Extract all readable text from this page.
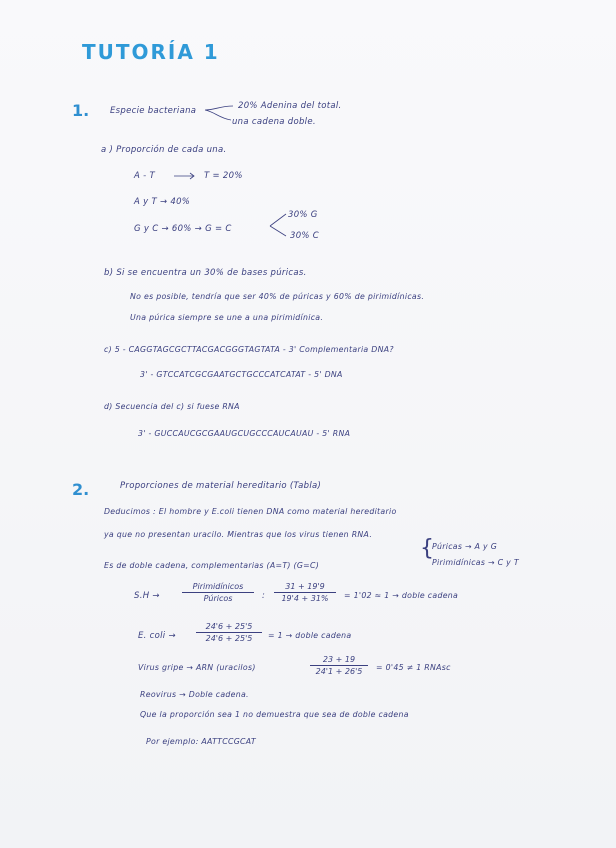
TUTORÍA 1
1. Especie bacteriana	20% Adenina del total.
una cadena doble.
a ) Proporción de cada una.
A - T	T = 20%
A y T → 40%
G y C → 60% → G = C
30% G
30% C
b) Si se encuentra un 30% de bases púricas.
No es posible, tendría que ser 40% de púricas y 60% de pirimidínicas.
Una púrica siempre se une a una pirimidínica.
c) 5 - CAGGTAGCGCTTACGACGGGTAGTATA - 3' Complementaria DNA?
3' - GTCCATCGCGAATGCTGCCCATCATAT - 5' DNA
d) Secuencia del c) si fuese RNA
3' - GUCCAUCGCGAAUGCUGCCCAUCAUAU - 5' RNA
2.	Proporciones de material hereditario (Tabla)
Deducimos : El hombre y E.coli tienen DNA como material hereditario
ya que no presentan uracilo. Mientras que los virus tienen RNA.
{
Púricas → A y G
Pirimidínicas → C y T
Es de doble cadena, complementarias (A=T) (G=C)
S.H →
Pirimidínicos
Púricos	:
31 + 19'9
19'4 + 31%	= 1'02 ≈ 1 → doble cadena
E. coli →
24'6 + 25'5
24'6 + 25'5	= 1 → doble cadena
Virus gripe → ARN (uracilos)
23 + 19
24'1 + 26'5	= 0'45 ≠ 1 RNAsc
Reovirus → Doble cadena.
Que la proporción sea 1 no demuestra que sea de doble cadena
Por ejemplo: AATTCCGCAT
